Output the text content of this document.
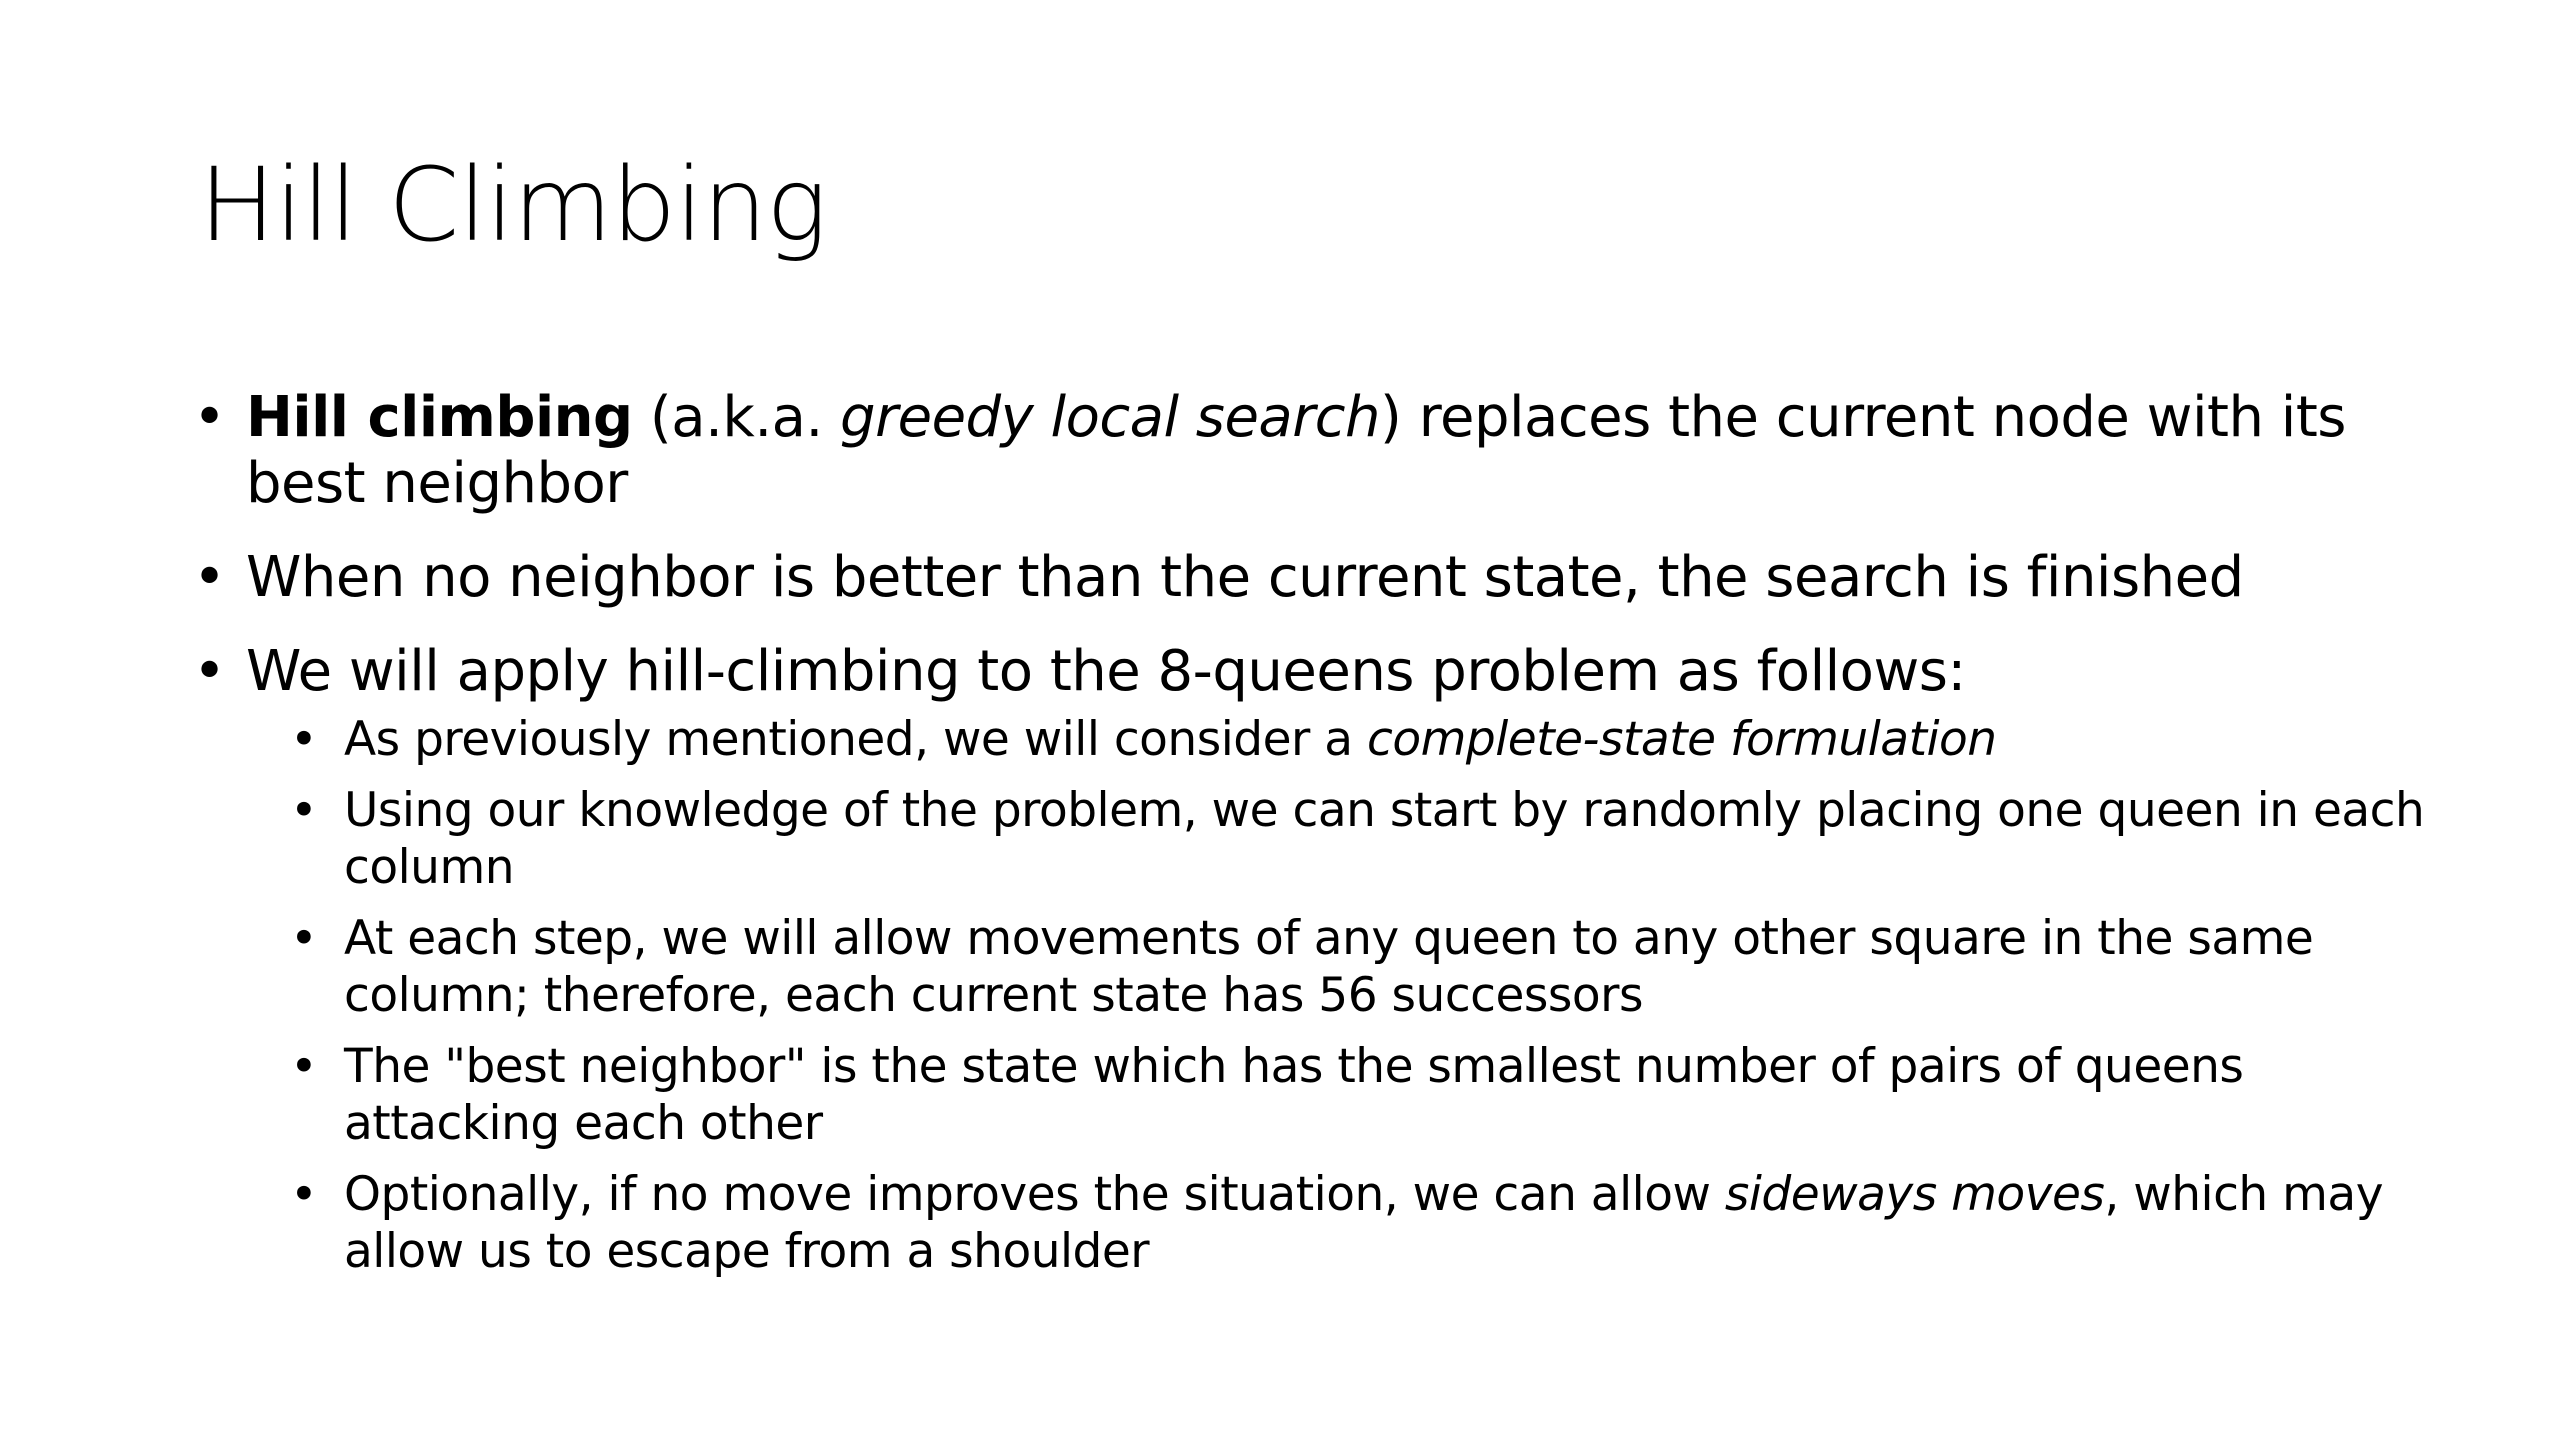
Hill Climbing
• Hill climbing (a.k.a. greedy local search) replaces the current node with its best neighbor
• When no neighbor is better than the current state, the search is finished
• We will apply hill-climbing to the 8-queens problem as follows:
• As previously mentioned, we will consider a complete-state formulation
• Using our knowledge of the problem, we can start by randomly placing one queen in each column
• At each step, we will allow movements of any queen to any other square in the same column; therefore, each current state has 56 successors
• The "best neighbor" is the state which has the smallest number of pairs of queens attacking each other
• Optionally, if no move improves the situation, we can allow sideways moves, which may allow us to escape from a shoulder
